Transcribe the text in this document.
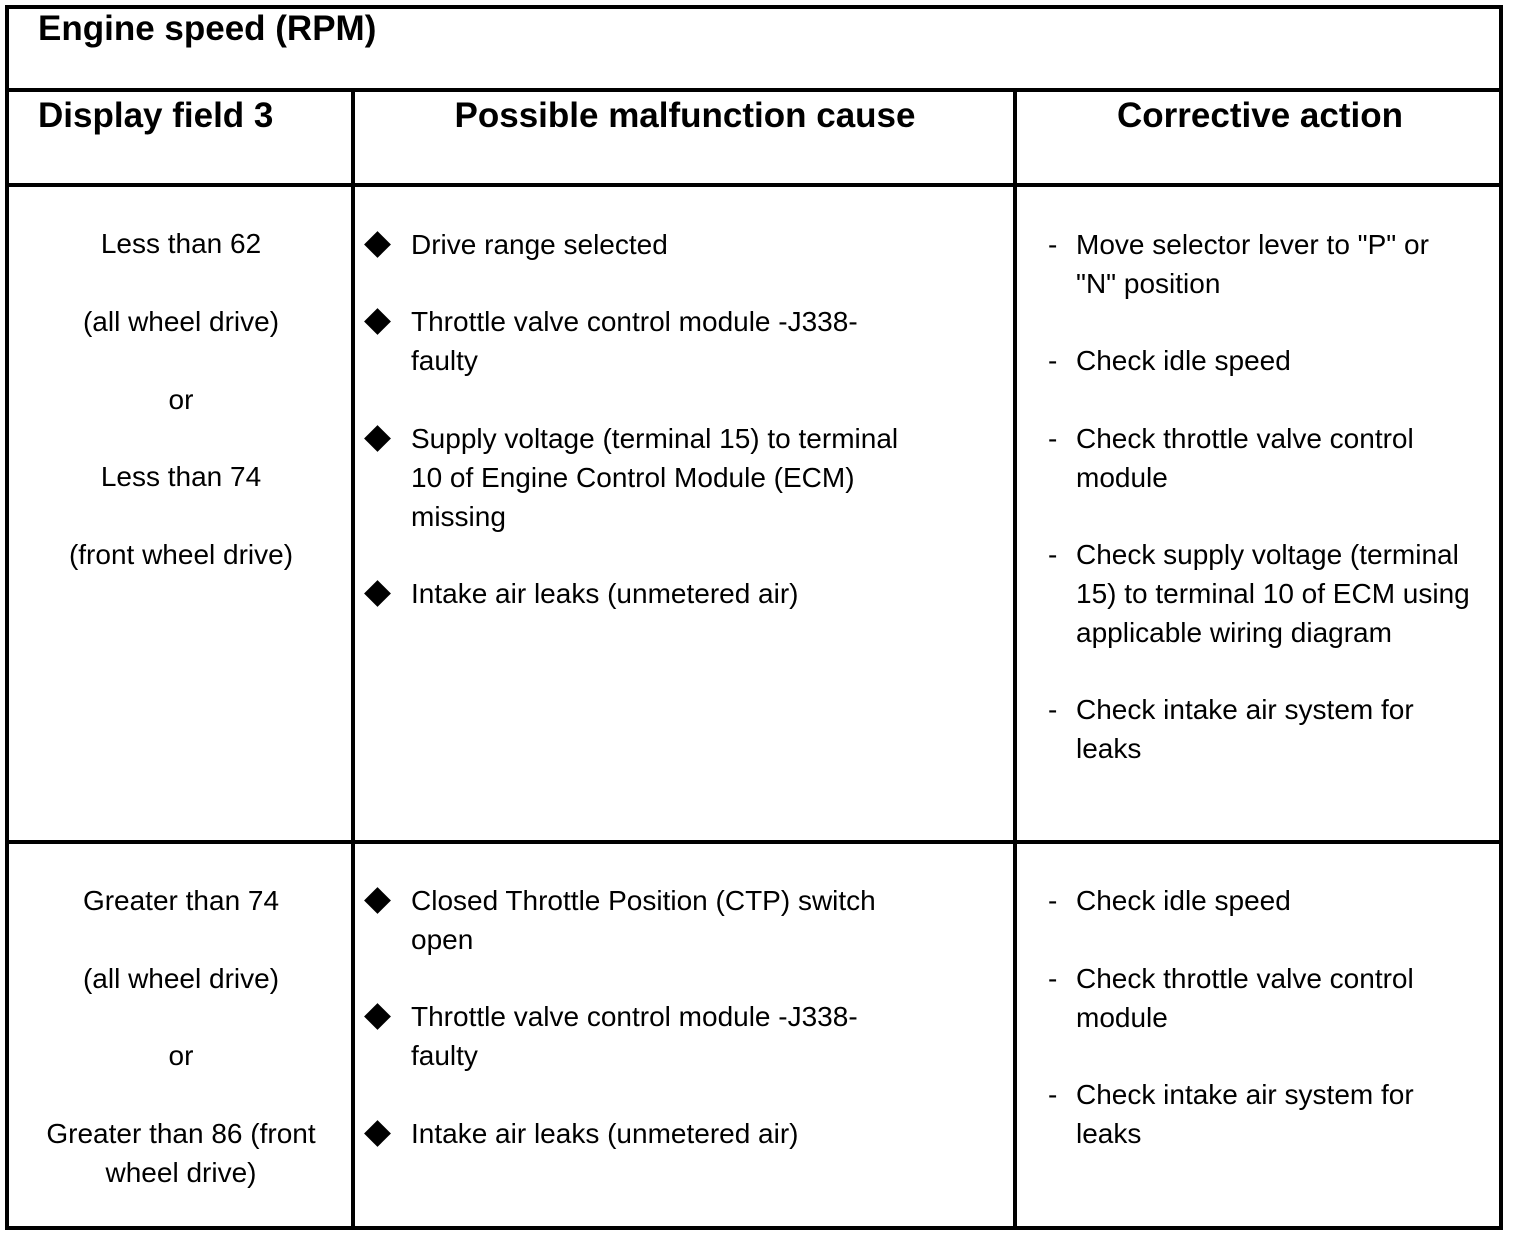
Engine speed (RPM)
Display field 3	Possible malfunction cause	Corrective action
Less than 62
(all wheel drive)
or
Less than 74
(front wheel drive)
Drive range selected
Throttle valve control module -J338- faulty
Supply voltage (terminal 15) to terminal 10 of Engine Control Module (ECM) missing
Intake air leaks (unmetered air)
- Move selector lever to "P" or "N" position
- Check idle speed
- Check throttle valve control module
- Check supply voltage (terminal 15) to terminal 10 of ECM using applicable wiring diagram
- Check intake air system for leaks
Greater than 74
(all wheel drive)
or
Greater than 86 (front wheel drive)
Closed Throttle Position (CTP) switch open
Throttle valve control module -J338- faulty
Intake air leaks (unmetered air)
- Check idle speed
- Check throttle valve control module
- Check intake air system for leaks
